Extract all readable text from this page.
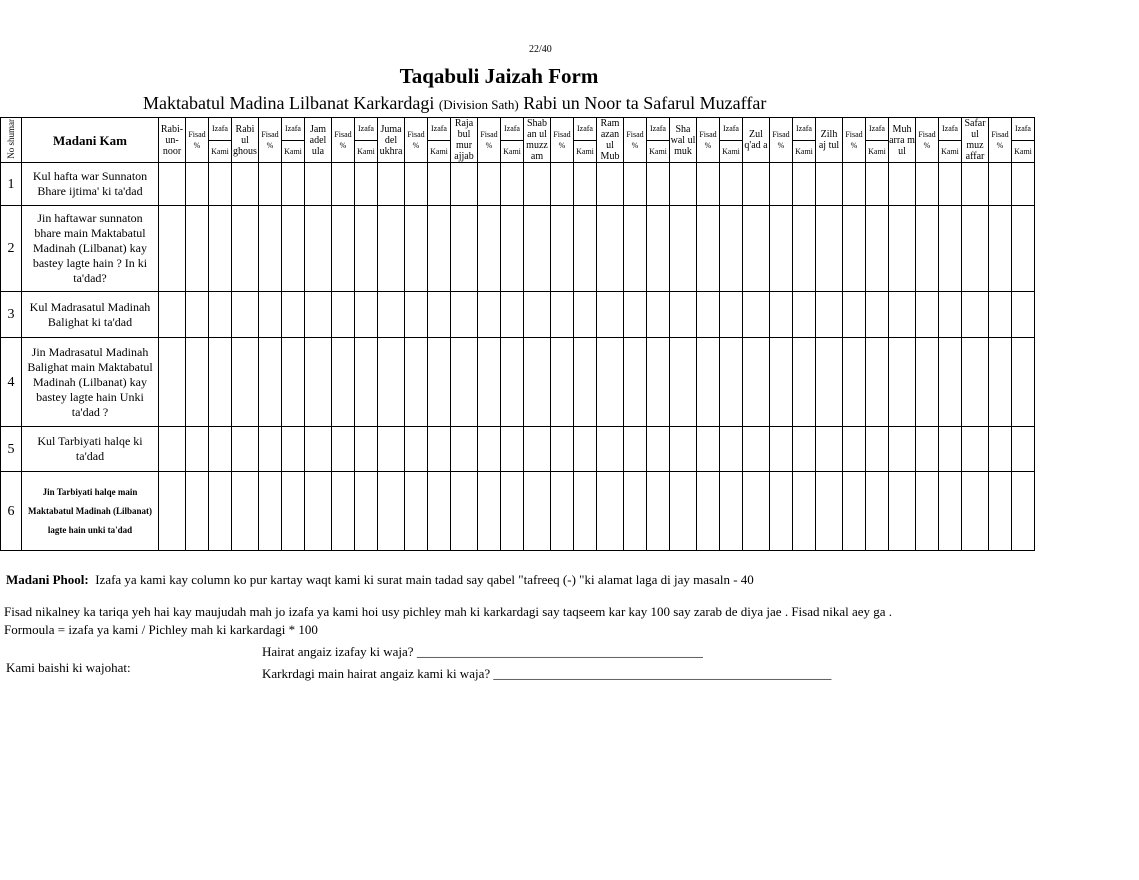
22/40
Taqabuli Jaizah Form
Maktabatul Madina Lilbanat Karkardagi (Division Sath) Rabi un Noor ta Safarul Muzaffar
No shumar	Madani Kam	Rabi-un-noor	Fisad %	Izafa	Rabi ul ghous	Fisad %	Izafa	Jam adel ula	Fisad %	Izafa	Juma del ukhra	Fisad %	Izafa	Raja bul mur ajjab	Fisad %	Izafa	Shab an ul muzz am	Fisad %	Izafa	Ram azan ul Mub	Fisad %	Izafa	Sha wal ul muk	Fisad %	Izafa	Zul q'ad a	Fisad %	Izafa	Zilh aj tul	Fisad %	Izafa	Muh arra m ul	Fisad %	Izafa	Safar ul muz affar	Fisad %	Izafa
				Kami			Kami			Kami			Kami			Kami			Kami			Kami			Kami			Kami			Kami			Kami			Kami
1	Kul hafta war Sunnaton Bhare ijtima' ki ta'dad																																				
2	Jin haftawar sunnaton bhare main Maktabatul Madinah (Lilbanat) kay bastey lagte hain ? In ki ta'dad?																																				
3	Kul Madrasatul Madinah Balighat ki ta'dad																																				
4	Jin Madrasatul Madinah Balighat main Maktabatul Madinah (Lilbanat) kay bastey lagte hain Unki ta'dad ?																																				
5	Kul Tarbiyati halqe ki ta'dad																																				
6	Jin Tarbiyati halqe main Maktabatul Madinah (Lilbanat) lagte hain unki ta'dad																																				
Madani Phool: Izafa ya kami kay column ko pur kartay waqt kami ki surat main tadad say qabel "tafreeq (-) "ki alamat laga di jay masaln - 40
Fisad nikalney ka tariqa yeh hai kay maujudah mah jo izafa ya kami hoi usy pichley mah ki karkardagi say taqseem kar kay 100 say zarab de diya jae . Fisad nikal aey ga .
Formoula = izafa ya kami / Pichley mah ki karkardagi * 100
Hairat angaiz izafay ki waja? ____________________________________________
Kami baishi ki wajohat:	Karkrdagi main hairat angaiz kami ki waja? ____________________________________________________
